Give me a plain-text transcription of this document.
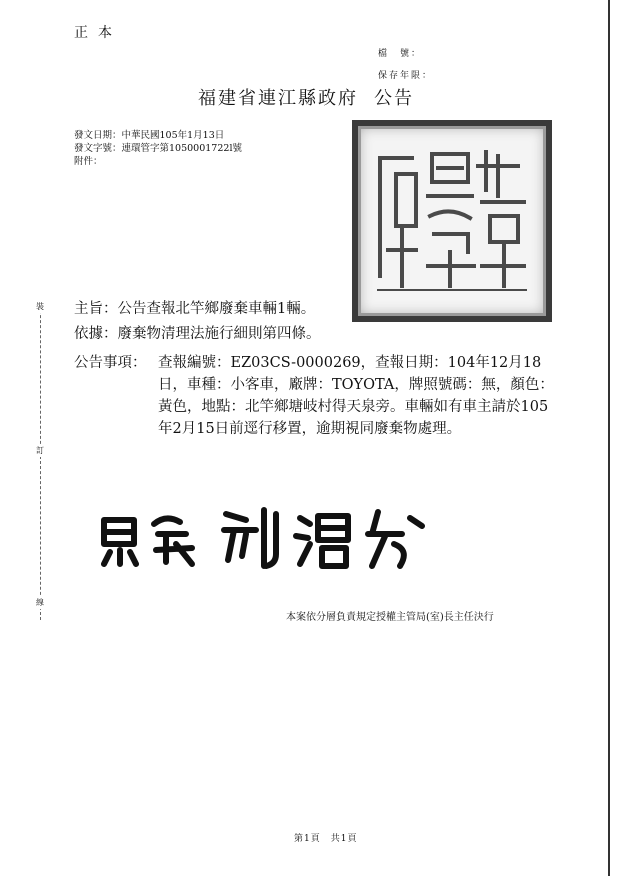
正本
檔　號：
保存年限：
福建省連江縣政府 公告
發文日期：中華民國105年1月13日
發文字號：連環管字第1050001722l號
附件：
裝
訂
線
主旨：公告查報北竿鄉廢棄車輛1輛。
依據：廢棄物清理法施行細則第四條。
公告事項： 查報編號：EZ03CS-0000269，查報日期：104年12月18日，車種：小客車，廠牌：TOYOTA，牌照號碼：無，顏色：黃色，地點：北竿鄉塘岐村得天泉旁。車輛如有車主請於105年2月15日前逕行移置，逾期視同廢棄物處理。
本案依分層負責規定授權主管局(室)長主任決行
第1頁　共1頁
